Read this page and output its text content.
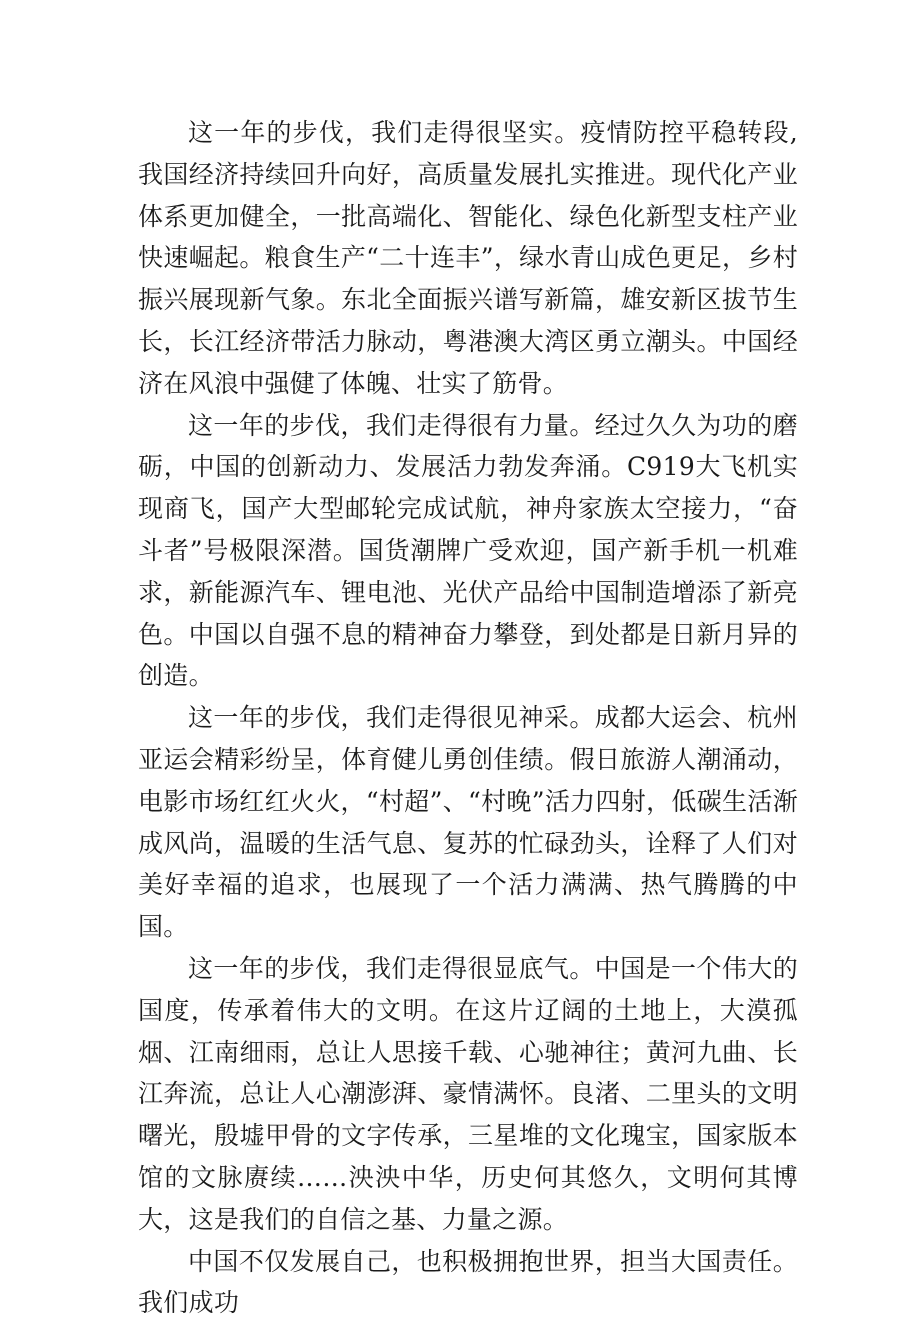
这一年的步伐，我们走得很坚实。疫情防控平稳转段,我国经济持续回升向好，高质量发展扎实推进。现代化产业体系更加健全，一批高端化、智能化、绿色化新型支柱产业快速崛起。粮食生产“二十连丰”，绿水青山成色更足，乡村振兴展现新气象。东北全面振兴谱写新篇，雄安新区拔节生长，长江经济带活力脉动，粤港澳大湾区勇立潮头。中国经济在风浪中强健了体魄、壮实了筋骨。

这一年的步伐，我们走得很有力量。经过久久为功的磨砺，中国的创新动力、发展活力勃发奔涌。C919大飞机实现商飞，国产大型邮轮完成试航，神舟家族太空接力，“奋斗者”号极限深潜。国货潮牌广受欢迎，国产新手机一机难求，新能源汽车、锂电池、光伏产品给中国制造增添了新亮色。中国以自强不息的精神奋力攀登，到处都是日新月异的创造。

这一年的步伐，我们走得很见神采。成都大运会、杭州亚运会精彩纷呈，体育健儿勇创佳绩。假日旅游人潮涌动，电影市场红红火火，“村超”、“村晚”活力四射，低碳生活渐成风尚，温暖的生活气息、复苏的忙碌劲头，诠释了人们对美好幸福的追求，也展现了一个活力满满、热气腾腾的中国。

这一年的步伐，我们走得很显底气。中国是一个伟大的国度，传承着伟大的文明。在这片辽阔的土地上，大漠孤烟、江南细雨，总让人思接千载、心驰神往；黄河九曲、长江奔流，总让人心潮澎湃、豪情满怀。良渚、二里头的文明曙光，殷墟甲骨的文字传承，三星堆的文化瑰宝，国家版本馆的文脉赓续……泱泱中华，历史何其悠久，文明何其博大，这是我们的自信之基、力量之源。

中国不仅发展自己，也积极拥抱世界，担当大国责任。我们成功
